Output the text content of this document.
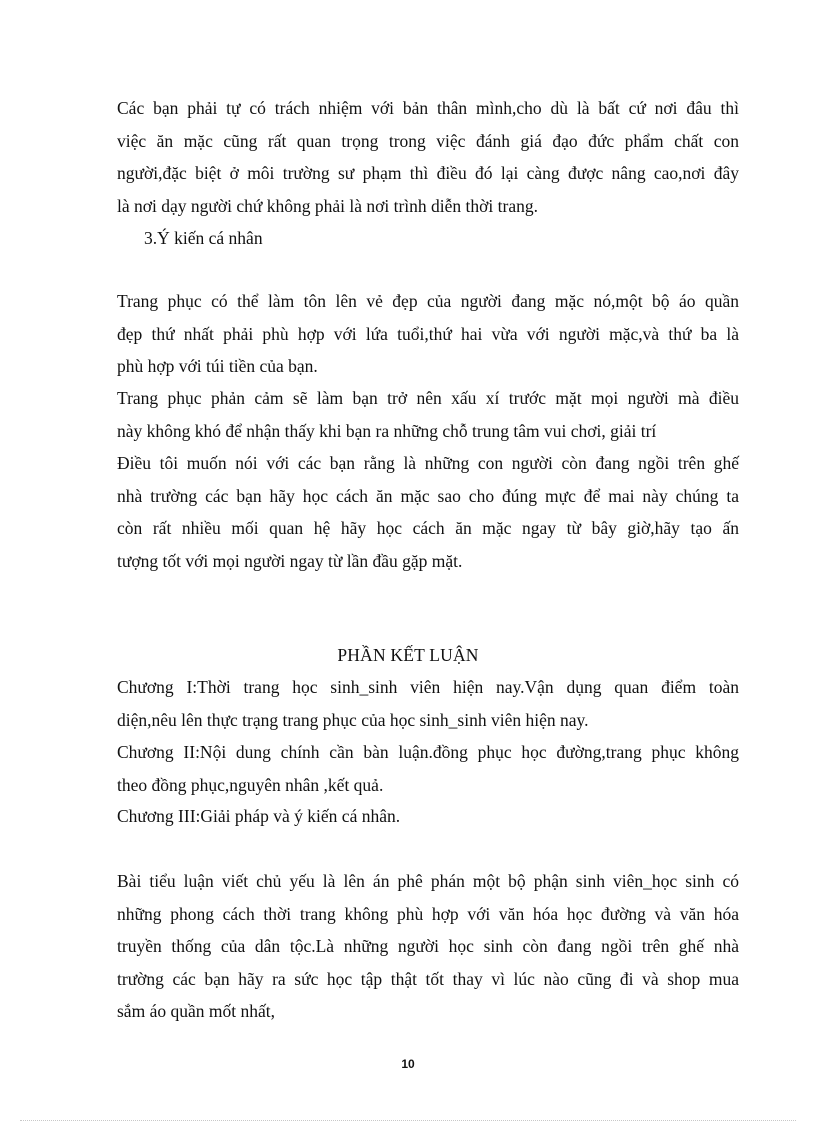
Các bạn phải tự có trách nhiệm với bản thân mình,cho dù là bất cứ nơi đâu thì
việc ăn mặc cũng rất quan trọng trong việc đánh giá đạo đức phẩm chất con
người,đặc biệt ở môi trường sư phạm thì điều đó lại càng được nâng cao,nơi đây
là nơi dạy người chứ không phải là nơi trình diễn thời trang.

3.Ý kiến cá nhân

Trang phục có thể làm tôn lên vẻ đẹp của người đang mặc nó,một bộ áo quần
đẹp thứ nhất phải phù hợp với lứa tuổi,thứ hai vừa với người mặc,và thứ ba là
phù hợp với túi tiền của bạn.
Trang phục phản cảm sẽ làm bạn trở nên xấu xí trước mặt mọi người mà điều
này không khó để nhận thấy khi bạn ra những chỗ trung tâm vui chơi, giải trí
Điều tôi muốn nói với các bạn rằng là những con người còn đang ngồi trên ghế
nhà trường các bạn hãy học cách ăn mặc sao cho đúng mực để mai này chúng ta
còn rất nhiều mối quan hệ hãy học cách ăn mặc ngay từ bây giờ,hãy tạo ấn
tượng tốt với mọi người ngay từ lần đầu gặp mặt.

PHẦN KẾT LUẬN

Chương I:Thời trang học sinh_sinh viên hiện nay.Vận dụng quan điểm toàn
diện,nêu lên thực trạng trang phục của học sinh_sinh viên hiện nay.
Chương II:Nội dung chính cần bàn luận.đồng phục học đường,trang phục không
theo đồng phục,nguyên nhân ,kết quả.
Chương III:Giải pháp và ý kiến cá nhân.
Bài tiểu luận viết chủ yếu là lên án phê phán một bộ phận sinh viên_học sinh có
những phong cách thời trang không phù hợp với văn hóa học đường và văn hóa
truyền thống của dân tộc.Là những người học sinh còn đang ngồi trên ghế nhà
trường các bạn hãy ra sức học tập thật tốt thay vì lúc nào cũng đi và shop mua
sắm áo quần mốt nhất,
10
